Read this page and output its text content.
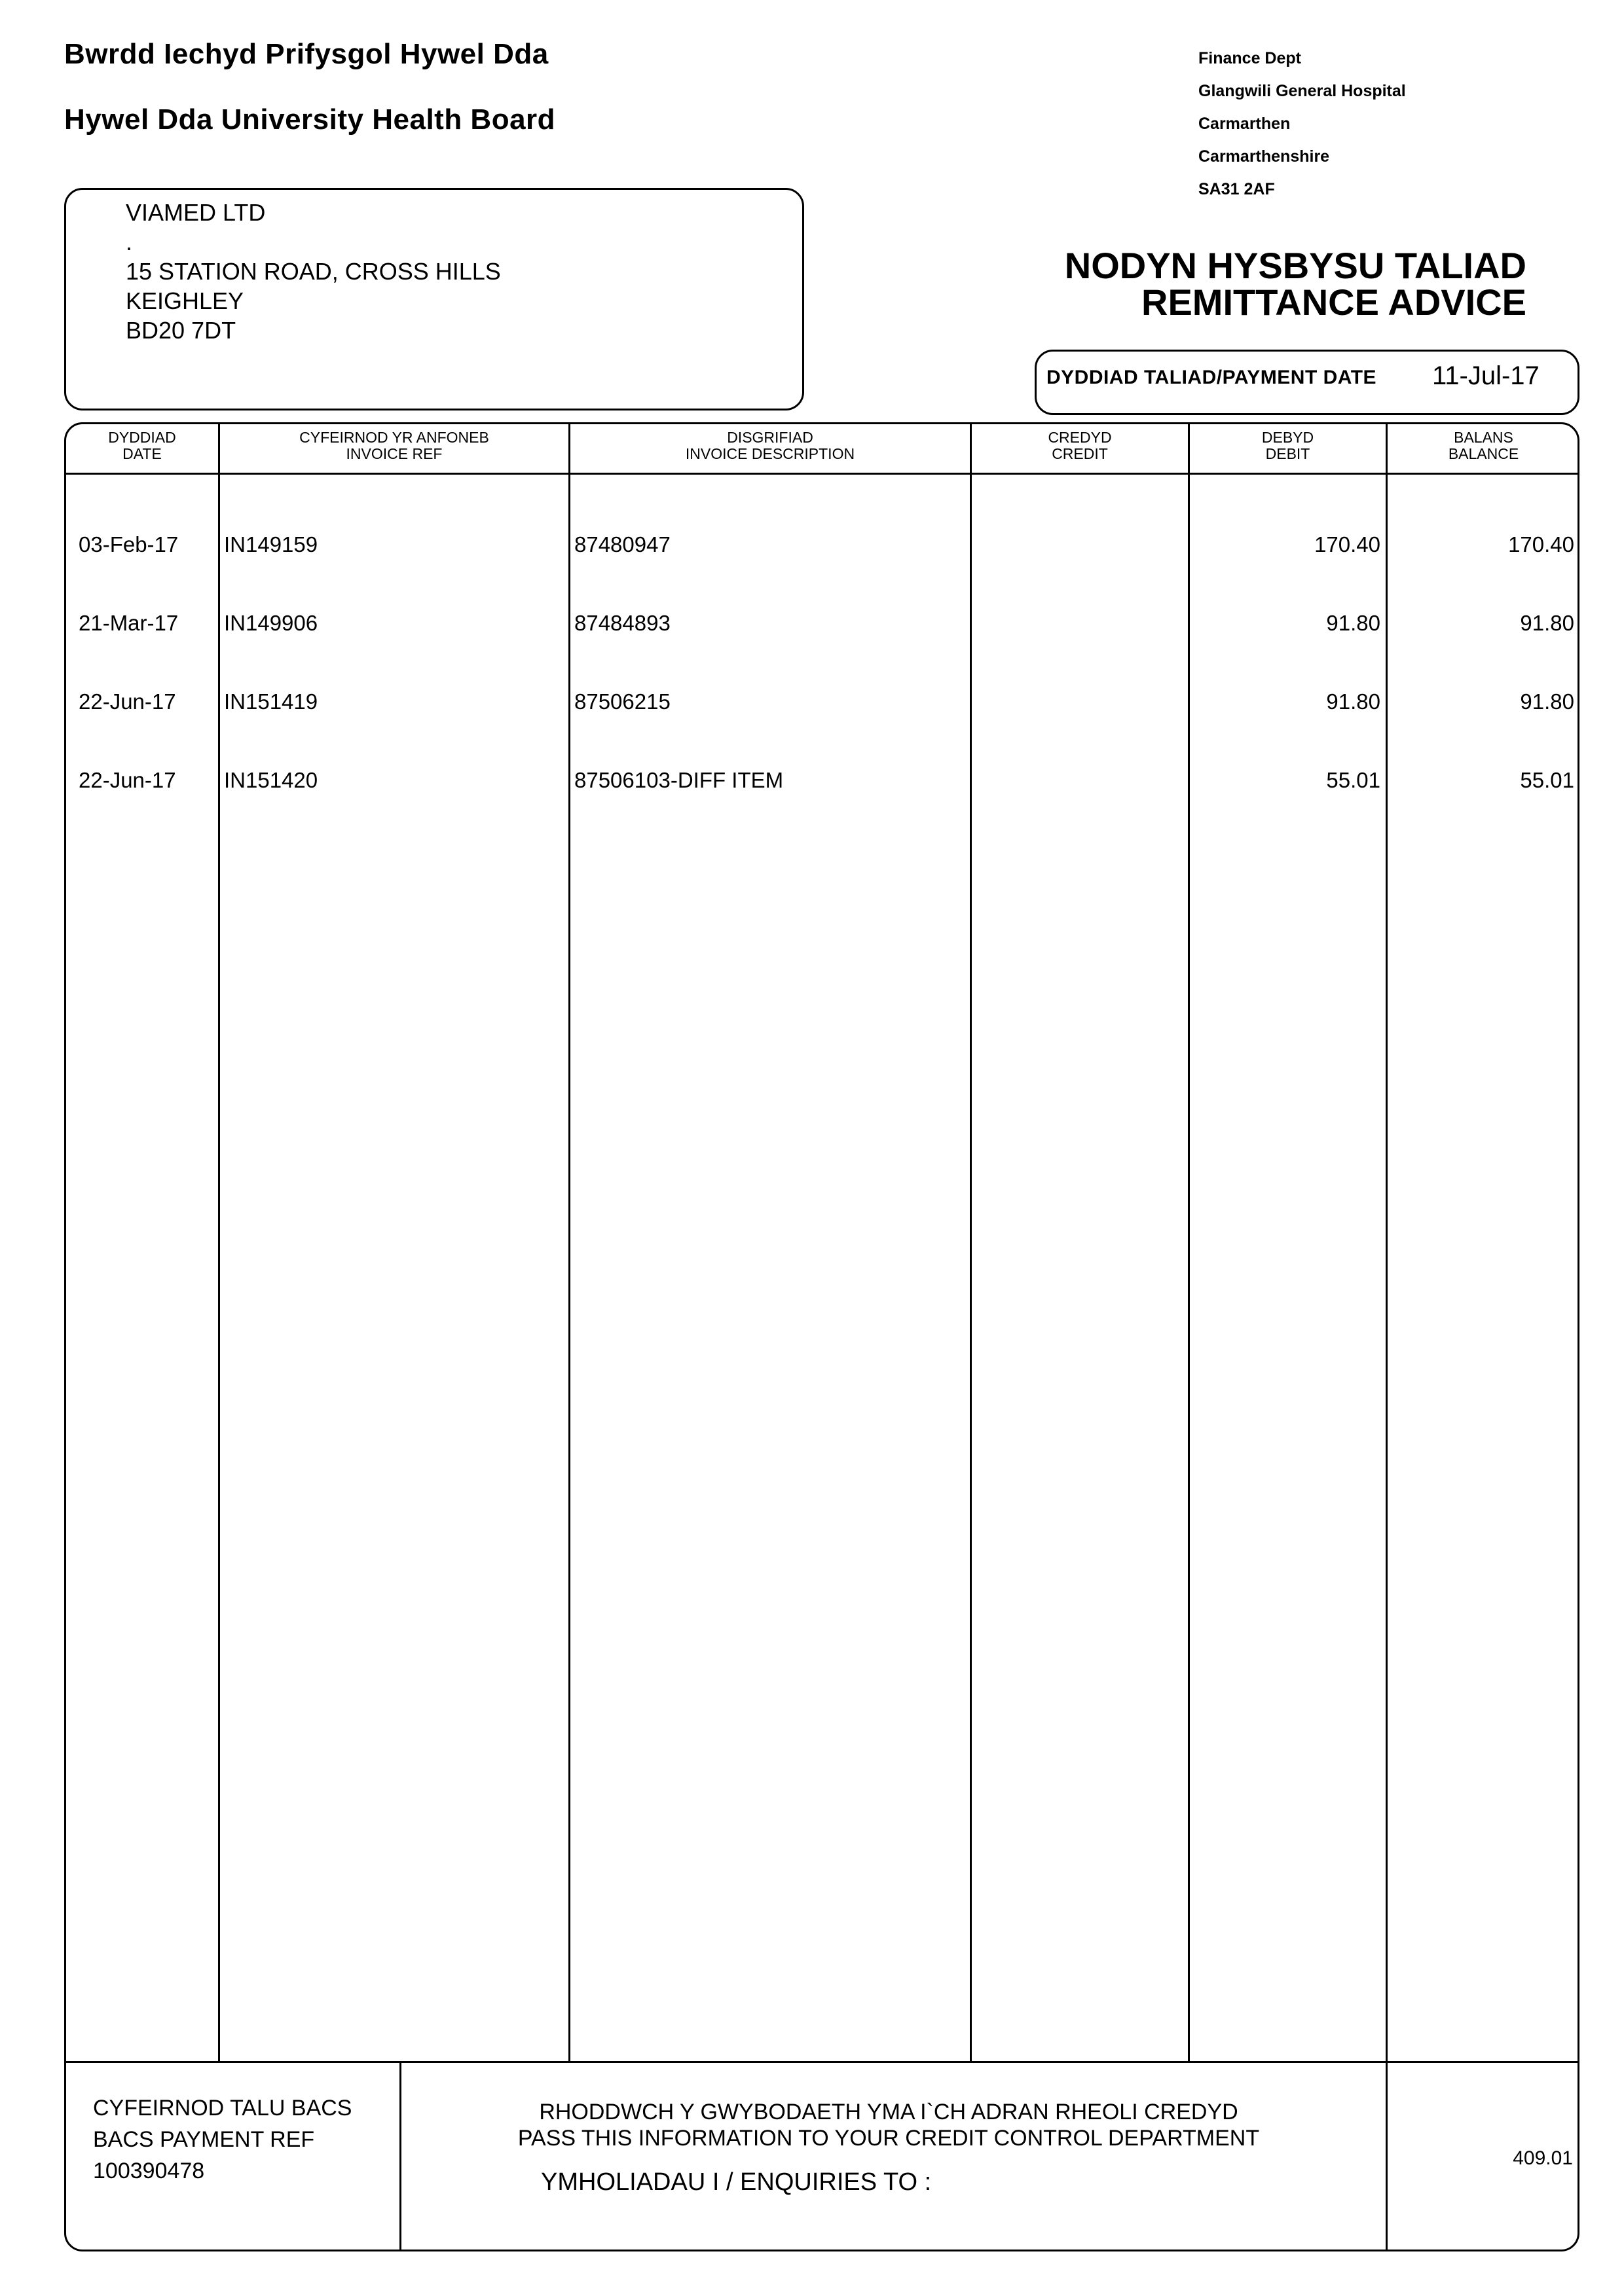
Bwrdd Iechyd Prifysgol Hywel Dda
Hywel Dda University Health Board
Finance Dept
Glangwili General Hospital
Carmarthen
Carmarthenshire
SA31 2AF
VIAMED LTD
.
15 STATION ROAD, CROSS HILLS
KEIGHLEY
BD20 7DT
NODYN HYSBYSU TALIAD
REMITTANCE ADVICE
DYDDIAD TALIAD/PAYMENT DATE 11-Jul-17
DYDDIAD
DATE
CYFEIRNOD YR ANFONEB
INVOICE REF
DISGRIFIAD
INVOICE DESCRIPTION
CREDYD
CREDIT
DEBYD
DEBIT
BALANS
BALANCE

03-Feb-17

21-Mar-17

22-Jun-17

22-Jun-17

IN149159

IN149906

IN151419

IN151420

87480947

87484893

87506215

87506103-DIFF ITEM

170.40

91.80

91.80

55.01

170.40

91.80

91.80

55.01

CYFEIRNOD TALU BACS
BACS PAYMENT REF
100390478
RHODDWCH Y GWYBODAETH YMA I`CH ADRAN RHEOLI CREDYD
PASS THIS INFORMATION TO YOUR CREDIT CONTROL DEPARTMENT
YMHOLIADAU I / ENQUIRIES TO :
409.01
